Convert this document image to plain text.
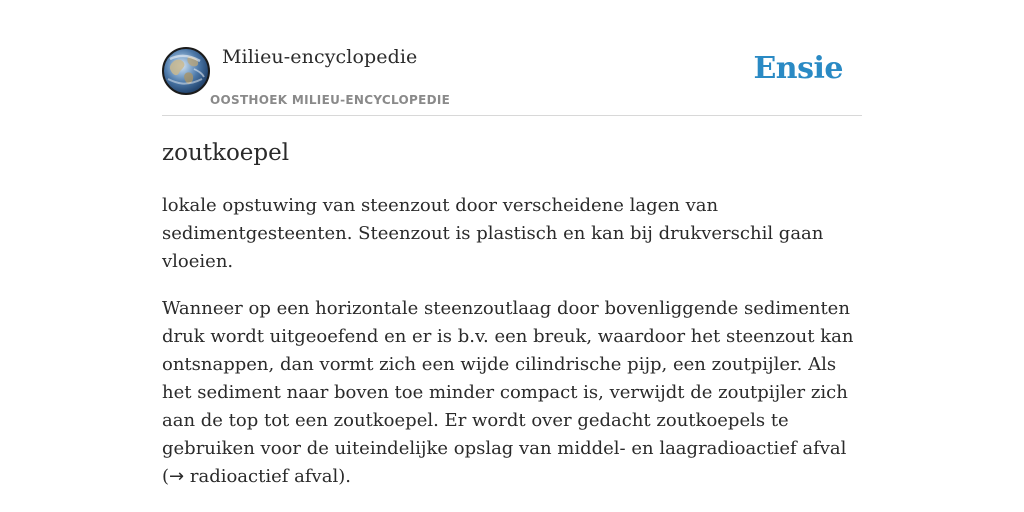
Milieu-encyclopedie
OOSTHOEK MILIEU-ENCYCLOPEDIE
Ensie
zoutkoepel

lokale opstuwing van steenzout door verscheidene lagen van
sedimentgesteenten. Steenzout is plastisch en kan bij drukverschil gaan vloeien.

Wanneer op een horizontale steenzoutlaag door bovenliggende sedimenten druk wordt uitgeoefend en er is b.v. een breuk, waardoor het steenzout kan ontsnappen, dan vormt zich een wijde cilindrische pijp, een zoutpijler. Als het sediment naar boven toe minder compact is, verwijdt de zoutpijler zich aan de top tot een zoutkoepel. Er wordt over gedacht zoutkoepels te gebruiken voor de uiteindelijke opslag van middel- en laagradioactief afval (→ radioactief afval).
